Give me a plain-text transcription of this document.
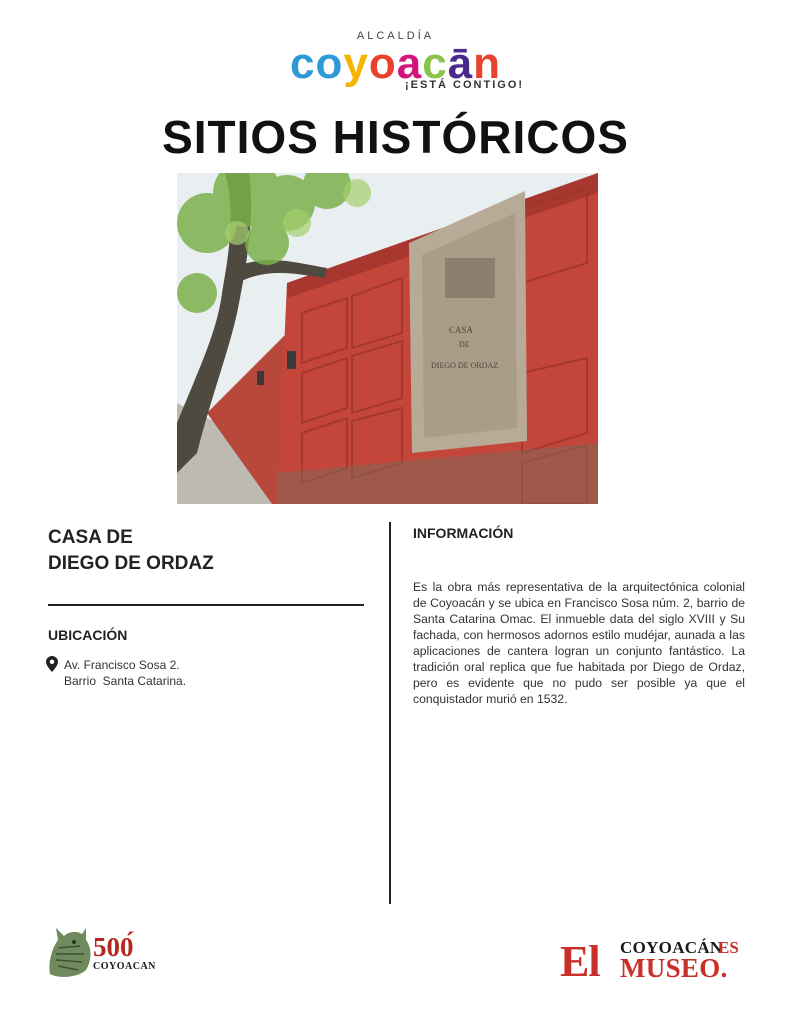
ALCALDÍA
coyoacān
¡ESTÁ CONTIGO!
SITIOS HISTÓRICOS
CASA
DE
DIEGO DE ORDAZ
CASA DE
DIEGO DE ORDAZ
UBICACIÓN
Av. Francisco Sosa 2.
Barrio  Santa Catarina.
INFORMACIÓN
Es la obra más representativa de la arquitectónica colonial de Coyoacán y se ubica en Francisco Sosa núm. 2, barrio de Santa Catarina Omac. El inmueble data del siglo XVIII y Su fachada, con hermosos adornos estilo mudéjar, aunada a las aplicaciones de cantera logran un conjunto fantástico. La tradición oral replica que fue habitada por Diego de Ordaz, pero es evidente que no pudo ser posible ya que el conquistador murió en 1532.
500́
COYOACAN	El COYOACÁN
ES
MUSEO.
